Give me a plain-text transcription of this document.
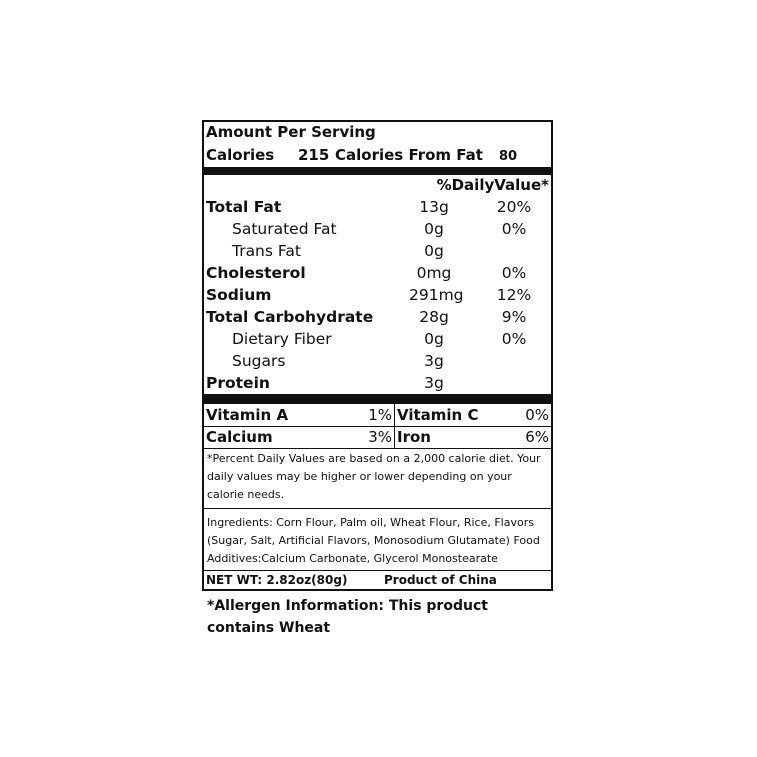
Amount Per Serving
Calories 215 Calories From Fat 80
%DailyValue*
Total Fat	13g	20%
Saturated Fat	0g	0%
Trans Fat	0g
Cholesterol	0mg	0%
Sodium	291mg	12%
Total Carbohydrate	28g	9%
Dietary Fiber	0g	0%
Sugars	3g
Protein	3g
Vitamin A	1% Vitamin C	0%
Calcium	3% Iron	6%
*Percent Daily Values are based on a 2,000 calorie diet. Your daily values may be higher or lower depending on your calorie needs.
Ingredients: Corn Flour, Palm oil, Wheat Flour, Rice, Flavors (Sugar, Salt, Artificial Flavors, Monosodium Glutamate) Food Additives:Calcium Carbonate, Glycerol Monostearate
NET WT: 2.82oz(80g)	Product of China
*Allergen Information: This product contains Wheat
